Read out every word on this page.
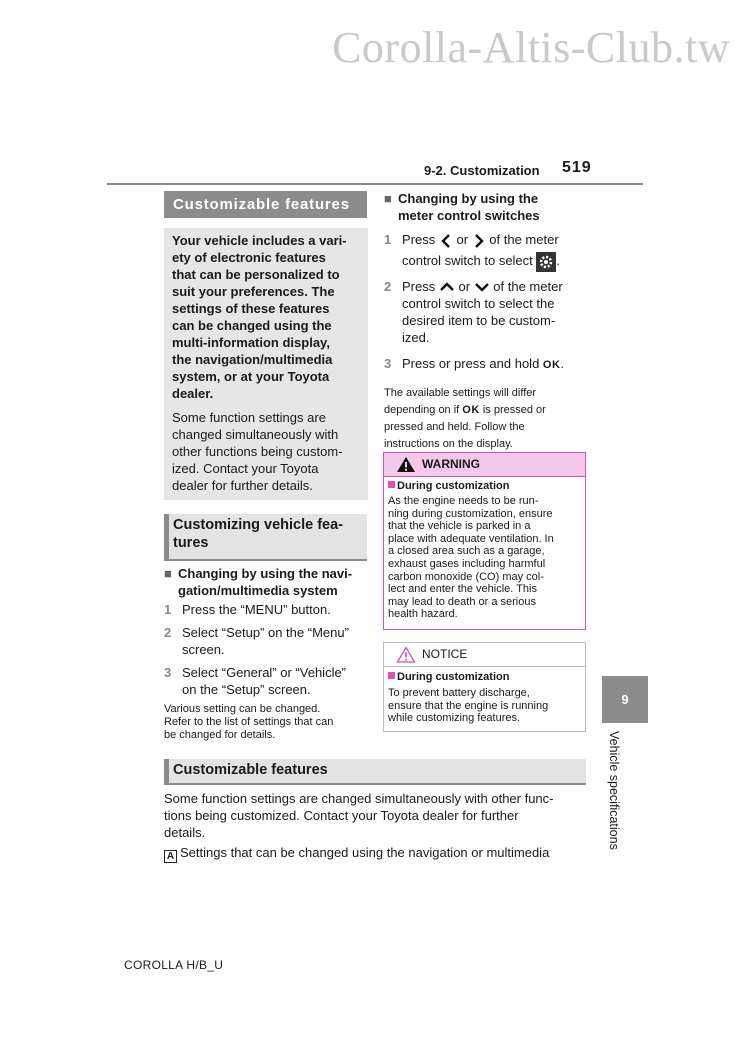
Corolla-Altis-Club.tw
9-2. Customization 519
Customizable features

Your vehicle includes a vari-
ety of electronic features
that can be personalized to
suit your preferences. The
settings of these features
can be changed using the
multi-information display,
the navigation/multimedia
system, or at your Toyota
dealer.

Some function settings are
changed simultaneously with
other functions being custom-
ized. Contact your Toyota
dealer for further details.

Customizing vehicle fea-
tures
■ Changing by using the navi-
gation/multimedia system
1 Press the “MENU” button.
2 Select “Setup” on the “Menu”
screen.
3 Select “General” or “Vehicle”
on the “Setup” screen.
Various setting can be changed.
Refer to the list of settings that can
be changed for details.
■ Changing by using the
meter control switches
1 Press or of the meter
control switch to select .
2 Press or of the meter
control switch to select the
desired item to be custom-
ized.
3 Press or press and hold OK.
The available settings will differ
depending on if OK is pressed or
pressed and held. Follow the
instructions on the display.
WARNING
During customization
As the engine needs to be run-
ning during customization, ensure
that the vehicle is parked in a
place with adequate ventilation. In
a closed area such as a garage,
exhaust gases including harmful
carbon monoxide (CO) may col-
lect and enter the vehicle. This
may lead to death or a serious
health hazard.
NOTICE
During customization
To prevent battery discharge,
ensure that the engine is running
while customizing features.
9
Vehicle specifications
Customizable features
Some function settings are changed simultaneously with other func-
tions being customized. Contact your Toyota dealer for further
details.
A Settings that can be changed using the navigation or multimedia
COROLLA H/B_U
